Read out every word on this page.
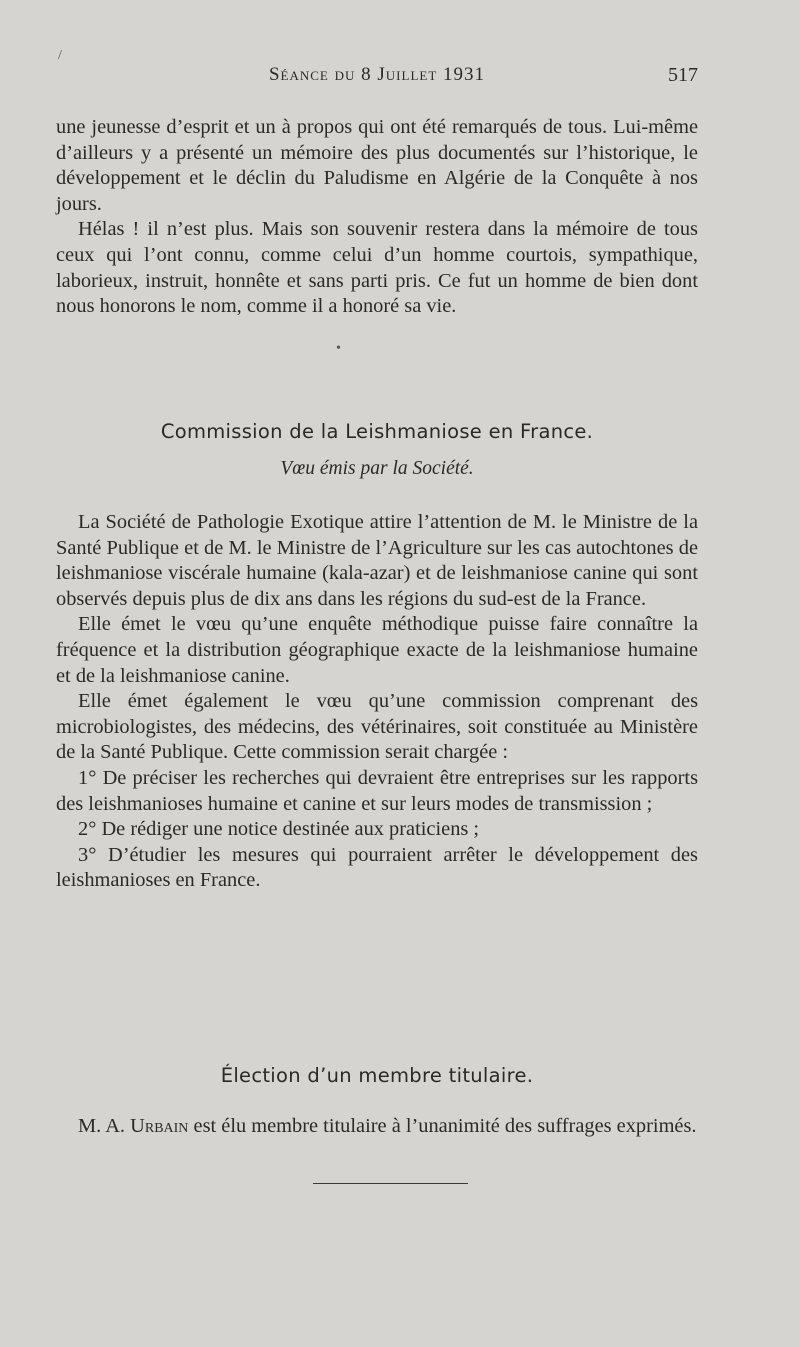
/
Séance du 8 Juillet 1931	517

une jeunesse d’esprit et un à propos qui ont été remarqués de tous. Lui-même d’ailleurs y a présenté un mémoire des plus documentés sur l’historique, le développement et le déclin du Paludisme en Algérie de la Conquête à nos jours.

Hélas ! il n’est plus. Mais son souvenir restera dans la mémoire de tous ceux qui l’ont connu, comme celui d’un homme courtois, sympathique, laborieux, instruit, honnête et sans parti pris. Ce fut un homme de bien dont nous honorons le nom, comme il a honoré sa vie.

•
Commission de la Leishmaniose en France.
Vœu émis par la Société.

La Société de Pathologie Exotique attire l’attention de M. le Ministre de la Santé Publique et de M. le Ministre de l’Agriculture sur les cas autochtones de leishmaniose viscérale humaine (kala-azar) et de leishmaniose canine qui sont observés depuis plus de dix ans dans les régions du sud-est de la France.

Elle émet le vœu qu’une enquête méthodique puisse faire connaître la fréquence et la distribution géographique exacte de la leishmaniose humaine et de la leishmaniose canine.

Elle émet également le vœu qu’une commission comprenant des microbiologistes, des médecins, des vétérinaires, soit constituée au Ministère de la Santé Publique. Cette commission serait chargée :

1° De préciser les recherches qui devraient être entreprises sur les rapports des leishmanioses humaine et canine et sur leurs modes de transmission ;

2° De rédiger une notice destinée aux praticiens ;

3° D’étudier les mesures qui pourraient arrêter le développement des leishmanioses en France.

Élection d’un membre titulaire.

M. A. Urbain est élu membre titulaire à l’unanimité des suffrages exprimés.
